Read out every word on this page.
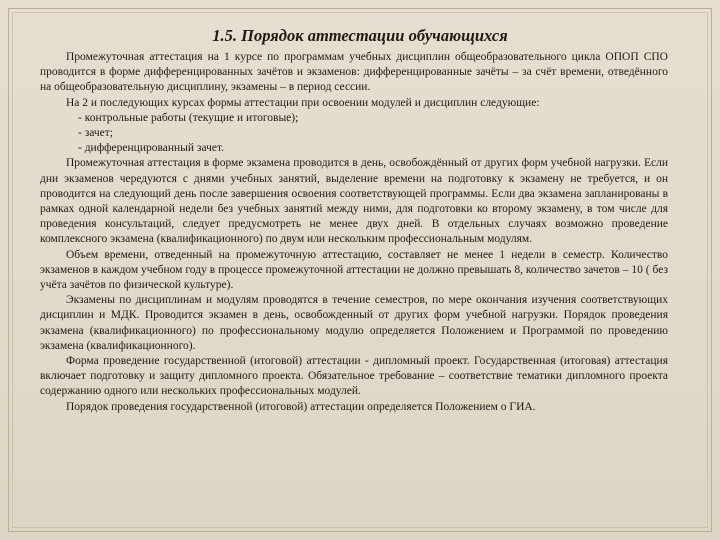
1.5. Порядок аттестации обучающихся

Промежуточная аттестация на 1 курсе по программам учебных дисциплин общеобразовательного цикла ОПОП СПО проводится в форме дифференцированных зачётов и экзаменов: дифференцированные зачёты – за счёт времени, отведённого на общеобразовательную дисциплину, экзамены – в период сессии.

На 2 и последующих курсах формы аттестации при освоении модулей и дисциплин следующие:

- контрольные работы (текущие и итоговые);

- зачет;

- дифференцированный зачет.

Промежуточная аттестация в форме экзамена проводится в день, освобождённый от других форм учебной нагрузки. Если дни экзаменов чередуются с днями учебных занятий, выделение времени на подготовку к экзамену не требуется, и он проводится на следующий день после завершения освоения соответствующей программы. Если два экзамена запланированы в рамках одной календарной недели без учебных занятий между ними, для подготовки ко второму экзамену, в том числе для проведения консультаций, следует предусмотреть не менее двух дней. В отдельных случаях возможно проведение комплексного экзамена (квалификационного) по двум или нескольким профессиональным модулям.

Объем времени, отведенный на промежуточную аттестацию, составляет не менее 1 недели в семестр. Количество экзаменов в каждом учебном году в процессе промежуточной аттестации не должно превышать 8, количество зачетов – 10 ( без учёта зачётов по физической культуре).

Экзамены по дисциплинам и модулям проводятся в течение семестров, по мере окончания изучения соответствующих дисциплин и МДК. Проводится экзамен в день, освобожденный от других форм учебной нагрузки. Порядок проведения экзамена (квалификационного) по профессиональному модулю определяется Положением и Программой по проведению экзамена (квалификационного).

Форма проведение государственной (итоговой) аттестации - дипломный проект. Государственная (итоговая) аттестация включает подготовку и защиту дипломного проекта. Обязательное требование – соответствие тематики дипломного проекта содержанию одного или нескольких профессиональных модулей.

Порядок проведения государственной (итоговой) аттестации определяется Положением о ГИА.
